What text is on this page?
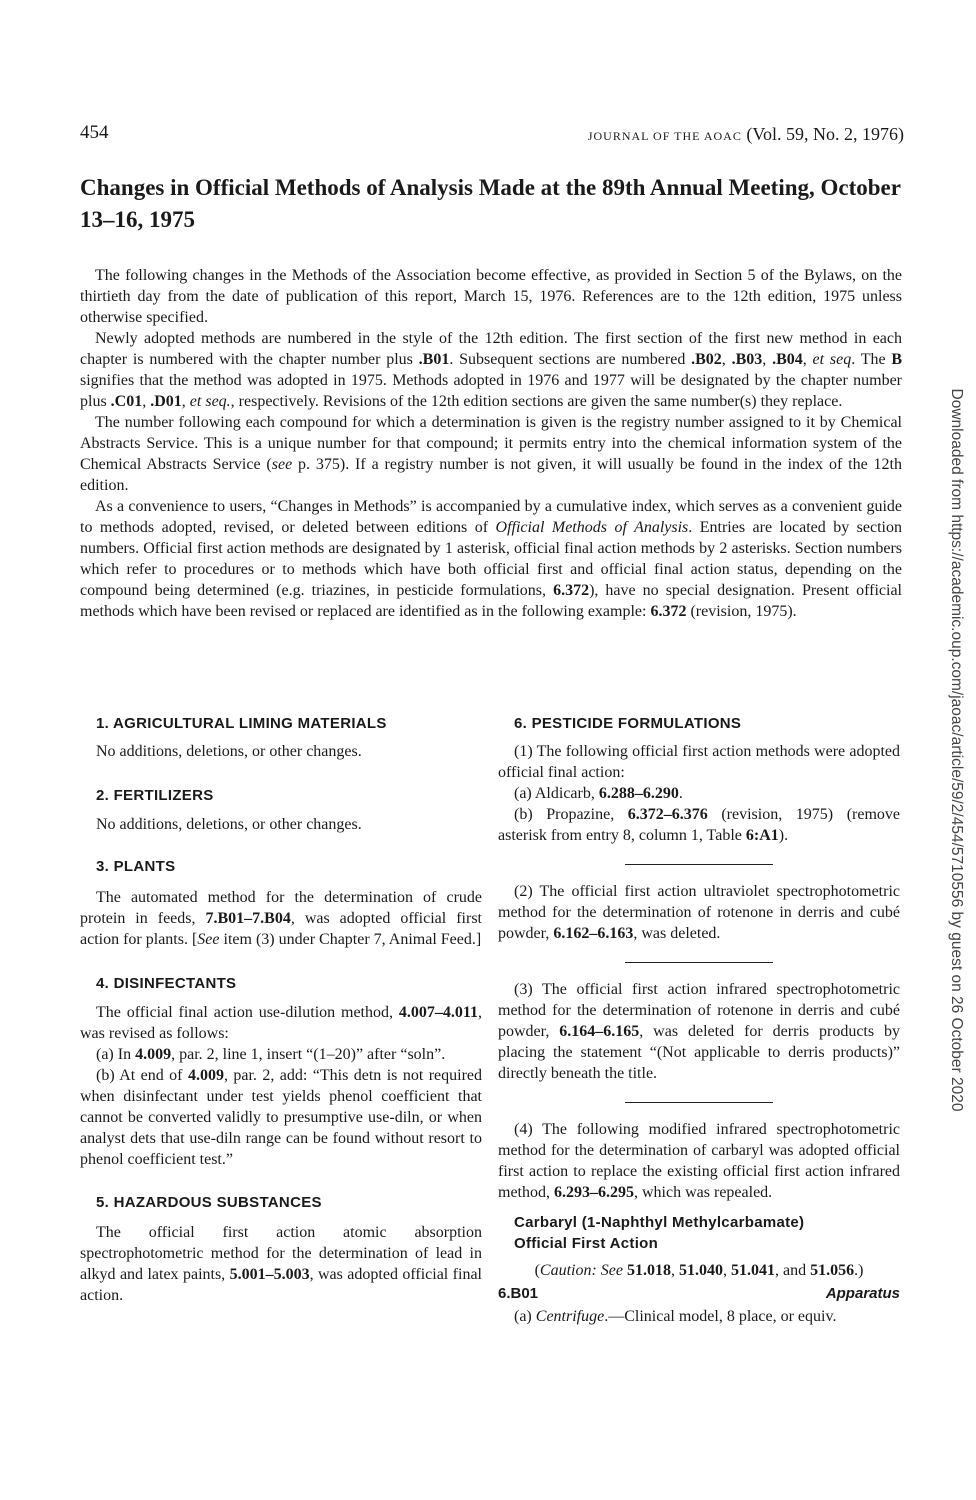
454	JOURNAL OF THE AOAC (Vol. 59, No. 2, 1976)
Changes in Official Methods of Analysis Made at the 89th Annual Meeting, October 13–16, 1975

The following changes in the Methods of the Association become effective, as provided in Section 5 of the Bylaws, on the thirtieth day from the date of publication of this report, March 15, 1976. References are to the 12th edition, 1975 unless otherwise specified.

Newly adopted methods are numbered in the style of the 12th edition. The first section of the first new method in each chapter is numbered with the chapter number plus .B01. Subsequent sections are numbered .B02, .B03, .B04, et seq. The B signifies that the method was adopted in 1975. Methods adopted in 1976 and 1977 will be designated by the chapter number plus .C01, .D01, et seq., respectively. Revisions of the 12th edition sections are given the same number(s) they replace.

The number following each compound for which a determination is given is the registry number assigned to it by Chemical Abstracts Service. This is a unique number for that compound; it permits entry into the chemical information system of the Chemical Abstracts Service (see p. 375). If a registry number is not given, it will usually be found in the index of the 12th edition.

As a convenience to users, “Changes in Methods” is accompanied by a cumulative index, which serves as a convenient guide to methods adopted, revised, or deleted between editions of Official Methods of Analysis. Entries are located by section numbers. Official first action methods are designated by 1 asterisk, official final action methods by 2 asterisks. Section numbers which refer to procedures or to methods which have both official first and official final action status, depending on the compound being determined (e.g. triazines, in pesticide formulations, 6.372), have no special designation. Present official methods which have been revised or replaced are identified as in the following example: 6.372 (revision, 1975).

1. AGRICULTURAL LIMING MATERIALS

No additions, deletions, or other changes.

2. FERTILIZERS

No additions, deletions, or other changes.

3. PLANTS

The automated method for the determination of crude protein in feeds, 7.B01–7.B04, was adopted official first action for plants. [See item (3) under Chapter 7, Animal Feed.]

4. DISINFECTANTS

The official final action use-dilution method, 4.007–4.011, was revised as follows:

(a) In 4.009, par. 2, line 1, insert “(1–20)” after “soln”.

(b) At end of 4.009, par. 2, add: “This detn is not required when disinfectant under test yields phenol coefficient that cannot be converted validly to presumptive use-diln, or when analyst dets that use-diln range can be found without resort to phenol coefficient test.”

5. HAZARDOUS SUBSTANCES

The official first action atomic absorption spectrophotometric method for the determination of lead in alkyd and latex paints, 5.001–5.003, was adopted official final action.

6. PESTICIDE FORMULATIONS

(1) The following official first action methods were adopted official final action:

(a) Aldicarb, 6.288–6.290.

(b) Propazine, 6.372–6.376 (revision, 1975) (remove asterisk from entry 8, column 1, Table 6:A1).

(2) The official first action ultraviolet spectrophotometric method for the determination of rotenone in derris and cubé powder, 6.162–6.163, was deleted.

(3) The official first action infrared spectrophotometric method for the determination of rotenone in derris and cubé powder, 6.164–6.165, was deleted for derris products by placing the statement “(Not applicable to derris products)” directly beneath the title.

(4) The following modified infrared spectrophotometric method for the determination of carbaryl was adopted official first action to replace the existing official first action infrared method, 6.293–6.295, which was repealed.

Carbaryl (1-Naphthyl Methylcarbamate)

Official First Action

(Caution: See 51.018, 51.040, 51.041, and 51.056.)

6.B01	Apparatus

(a) Centrifuge.—Clinical model, 8 place, or equiv.

Downloaded from https://academic.oup.com/jaoac/article/59/2/454/5710556 by guest on 26 October 2020
